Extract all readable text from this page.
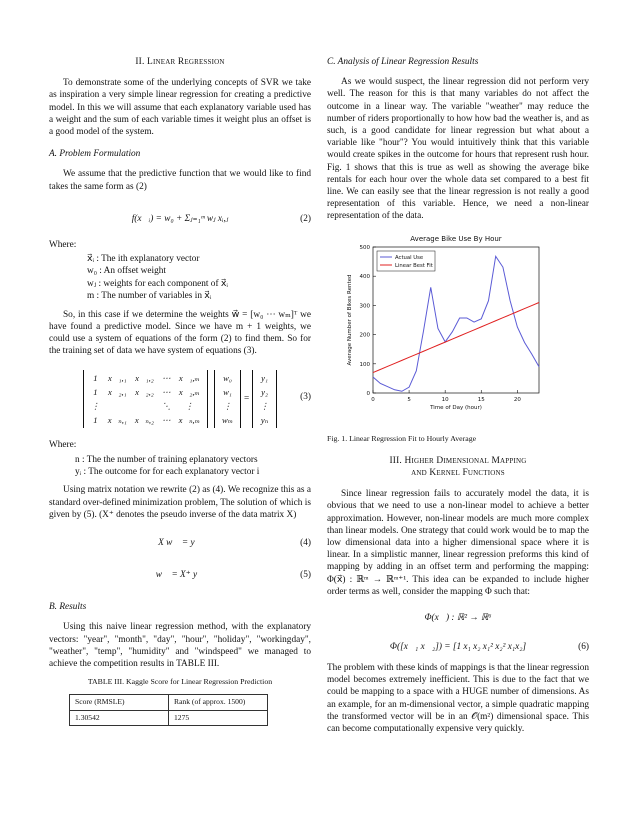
II. Linear Regression

To demonstrate some of the underlying concepts of SVR we take as inspiration a very simple linear regression for creating a predictive model. In this we will assume that each explanatory variable used has a weight and the sum of each variable times it weight plus an offset is a good model of the system.

A. Problem Formulation

We assume that the predictive function that we would like to find takes the same form as (2)

f(x⃗ᵢ) = w₀ + Σⱼ₌₁ᵐ wⱼ xᵢ,ⱼ	(2)
Where:
x⃗ᵢ : The ith explanatory vector
w₀ : An offset weight
wⱼ : weights for each component of x⃗ᵢ
m : The number of variables in x⃗ᵢ

So, in this case if we determine the weights w⃗ = [w₀ ⋯ wₘ]ᵀ we have found a predictive model. Since we have m + 1 weights, we could use a system of equations of the form (2) to find them. So for the training set of data we have system of equations (3).

1	x⃗₁,₁	x⃗₁,₂	⋯	x⃗₁,ₘ
1	x⃗₂,₁	x⃗₂,₂	⋯	x⃗₂,ₘ
⋮			⋱	⋮
1	x⃗ₙ,₁	x⃗ₙ,₂	⋯	x⃗ₙ,ₘ
w₀
w₁
⋮
wₘ
=
y₁
y₂
⋮
yₙ
(3)
Where:
n : The the number of training eplanatory vectors
yᵢ : The outcome for for each explanatory vector i

Using matrix notation we rewrite (2) as (4). We recognize this as a standard over-defined minimization problem, The solution of which is given by (5). (X⁺ denotes the pseudo inverse of the data matrix X)

X w⃗ = y⃗	(4)
w⃗ = X⁺ y⃗	(5)
B. Results

Using this naive linear regression method, with the explanatory vectors: "year", "month", "day", "hour", "holiday", "workingday", "weather", "temp", "humidity" and "windspeed" we managed to achieve the competition results in TABLE III.

TABLE III. Kaggle Score for Linear Regression Prediction
Score (RMSLE)	Rank (of approx. 1500)
1.30542	1275
C. Analysis of Linear Regression Results

As we would suspect, the linear regression did not perform very well. The reason for this is that many variables do not affect the outcome in a linear way. The variable "weather" may reduce the number of riders proportionally to how how bad the weather is, and as such, is a good candidate for linear regression but what about a variable like "hour"? You would intuitively think that this variable would create spikes in the outcome for hours that represent rush hour. Fig. 1 shows that this is true as well as showing the average bike rentals for each hour over the whole data set compared to a best fit line. We can easily see that the linear regression is not really a good representation of this variable. Hence, we need a non-linear representation of the data.

Average Bike Use By Hour
0
100
200
300
400
500
0	5	10	15	20
Time of Day (hour)
Average Number of Bikes Rented
Actual Use
Linear Best Fit
Fig. 1. Linear Regression Fit to Hourly Average
III. Higher Dimensional Mapping
and Kernel Functions

Since linear regression fails to accurately model the data, it is obvious that we need to use a non-linear model to achieve a better approximation. However, non-linear models are much more complex than linear models. One strategy that could work would be to map the low dimensional data into a higher dimensional space where it is linear. In a simplistic manner, linear regression preforms this kind of mapping by adding in an offset term and performing the mapping: Φ(x⃗) : ℝᵐ → ℝᵐ⁺¹. This idea can be expanded to include higher order terms as well, consider the mapping Φ such that:

Φ(x⃗) : ℝ² → ℝ⁶
Φ([x⃗₁ x⃗₂]) = [1 x₁ x₂ x₁² x₂² x₁x₂]	(6)

The problem with these kinds of mappings is that the linear regression model becomes extremely inefficient. This is due to the fact that we could be mapping to a space with a HUGE number of dimensions. As an example, for an m-dimensional vector, a simple quadratic mapping the transformed vector will be in an 𝒪(m²) dimensional space. This can become computationally expensive very quickly.
